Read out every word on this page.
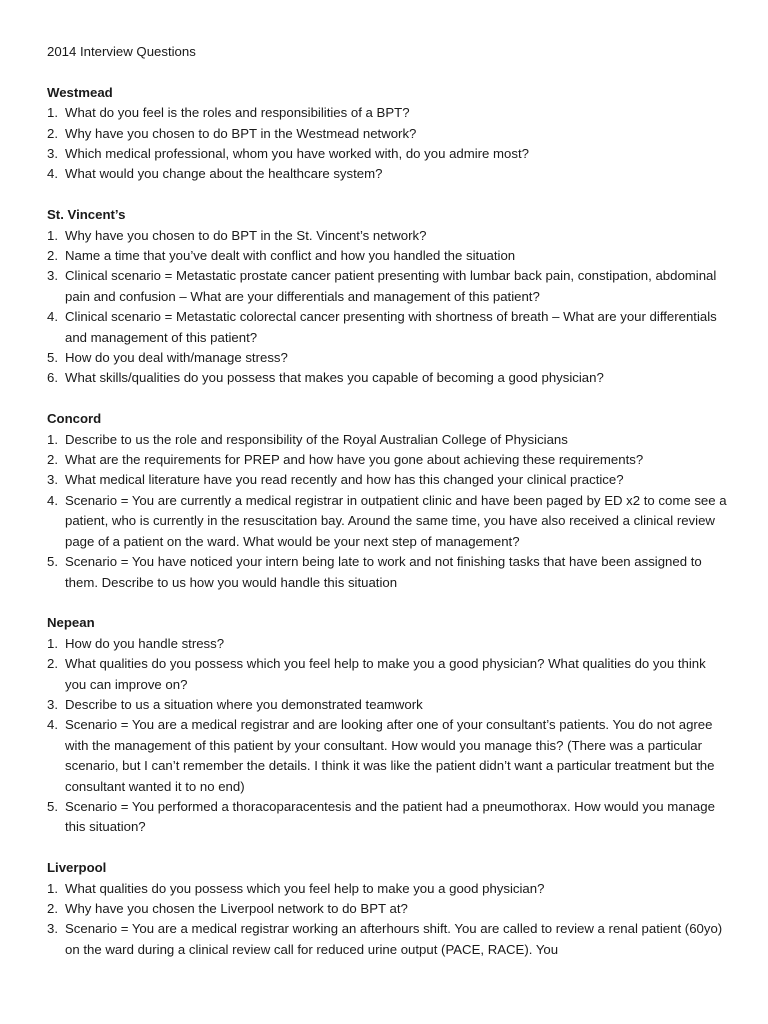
2014 Interview Questions
Westmead
1. What do you feel is the roles and responsibilities of a BPT?
2. Why have you chosen to do BPT in the Westmead network?
3. Which medical professional, whom you have worked with, do you admire most?
4. What would you change about the healthcare system?
St. Vincent’s
1. Why have you chosen to do BPT in the St. Vincent’s network?
2. Name a time that you’ve dealt with conflict and how you handled the situation
3. Clinical scenario = Metastatic prostate cancer patient presenting with lumbar back pain, constipation, abdominal pain and confusion – What are your differentials and management of this patient?
4. Clinical scenario = Metastatic colorectal cancer presenting with shortness of breath – What are your differentials and management of this patient?
5. How do you deal with/manage stress?
6. What skills/qualities do you possess that makes you capable of becoming a good physician?
Concord
1. Describe to us the role and responsibility of the Royal Australian College of Physicians
2. What are the requirements for PREP and how have you gone about achieving these requirements?
3. What medical literature have you read recently and how has this changed your clinical practice?
4. Scenario = You are currently a medical registrar in outpatient clinic and have been paged by ED x2 to come see a patient, who is currently in the resuscitation bay. Around the same time, you have also received a clinical review page of a patient on the ward. What would be your next step of management?
5. Scenario = You have noticed your intern being late to work and not finishing tasks that have been assigned to them. Describe to us how you would handle this situation
Nepean
1. How do you handle stress?
2. What qualities do you possess which you feel help to make you a good physician? What qualities do you think you can improve on?
3. Describe to us a situation where you demonstrated teamwork
4. Scenario = You are a medical registrar and are looking after one of your consultant’s patients. You do not agree with the management of this patient by your consultant. How would you manage this? (There was a particular scenario, but I can’t remember the details. I think it was like the patient didn’t want a particular treatment but the consultant wanted it to no end)
5. Scenario = You performed a thoracoparacentesis and the patient had a pneumothorax. How would you manage this situation?
Liverpool
1. What qualities do you possess which you feel help to make you a good physician?
2. Why have you chosen the Liverpool network to do BPT at?
3. Scenario = You are a medical registrar working an afterhours shift. You are called to review a renal patient (60yo) on the ward during a clinical review call for reduced urine output (PACE, RACE). You
